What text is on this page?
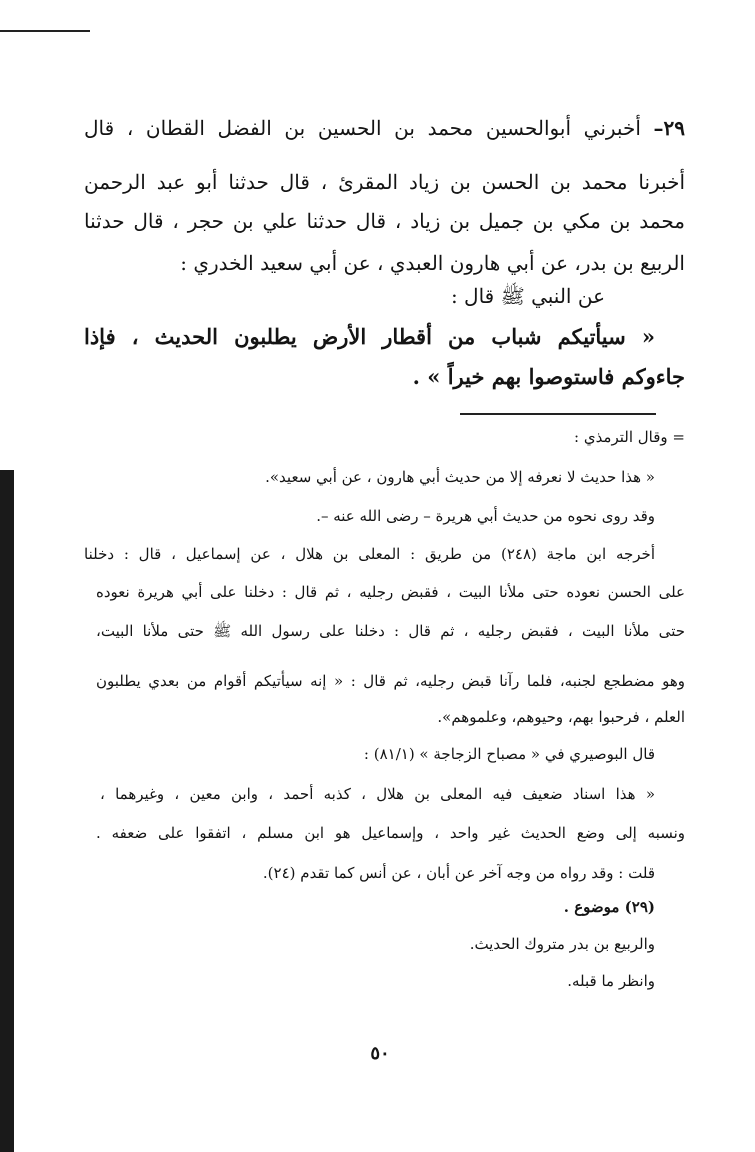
٢٩– أخبرني أبوالحسين محمد بن الحسين بن الفضل القطان ، قال
أخبرنا محمد بن الحسن بن زياد المقرئ ، قال حدثنا أبو عبد الرحمن
محمد بن مكي بن جميل بن زياد ، قال حدثنا علي بن حجر ، قال حدثنا
الربيع بن بدر، عن أبي هارون العبدي ، عن أبي سعيد الخدري :
عن النبي ﷺ قال :
« سيأتيكم شباب من أقطار الأرض يطلبون الحديث ، فإذا
جاءوكم فاستوصوا بهم خيراً » .
= وقال الترمذي :
« هذا حديث لا نعرفه إلا من حديث أبي هارون ، عن أبي سعيد».
وقد روى نحوه من حديث أبي هريرة – رضى الله عنه –.
أخرجه ابن ماجة (٢٤٨) من طريق : المعلى بن هلال ، عن إسماعيل ، قال : دخلنا
على الحسن نعوده حتى ملأنا البيت ، فقبض رجليه ، ثم قال : دخلنا على أبي هريرة نعوده
حتى ملأنا البيت ، فقبض رجليه ، ثم قال : دخلنا على رسول الله ﷺ حتى ملأنا البيت،
وهو مضطجع لجنبه، فلما رآنا قبض رجليه، ثم قال : « إنه سيأتيكم أقوام من بعدي يطلبون
العلم ، فرحبوا بهم، وحيوهم، وعلموهم».
قال البوصيري في « مصباح الزجاجة » (٨١/١) :
« هذا اسناد ضعيف فيه المعلى بن هلال ، كذبه أحمد ، وابن معين ، وغيرهما ،
ونسبه إلى وضع الحديث غير واحد ، وإسماعيل هو ابن مسلم ، اتفقوا على ضعفه .
قلت : وقد رواه من وجه آخر عن أبان ، عن أنس كما تقدم (٢٤).
(٢٩) موضوع .
والربيع بن بدر متروك الحديث.
وانظر ما قبله.
٥٠
